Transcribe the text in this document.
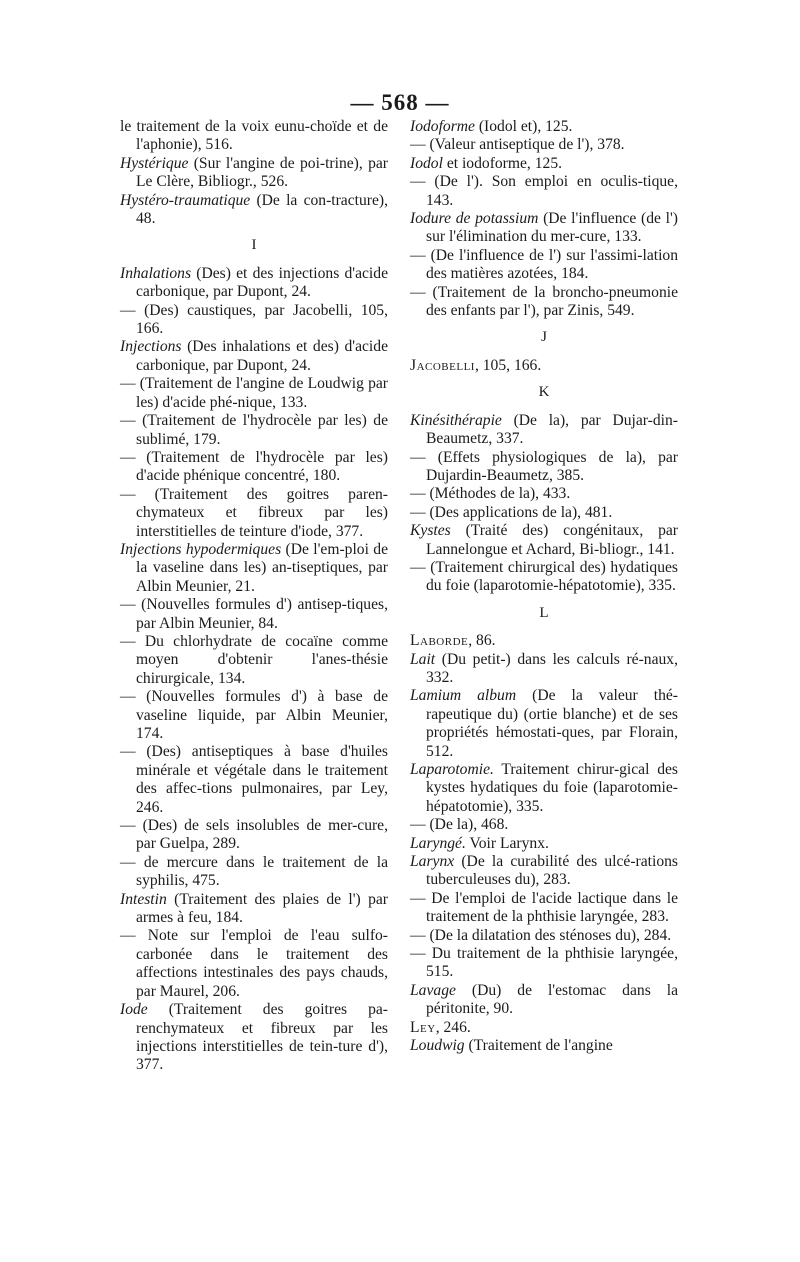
— 568 —

le traitement de la voix eunu-choïde et de l'aphonie), 516.

Hystérique (Sur l'angine de poi-trine), par Le Clère, Bibliogr., 526.

Hystéro-traumatique (De la con-tracture), 48.

I

Inhalations (Des) et des injections d'acide carbonique, par Dupont, 24.

— (Des) caustiques, par Jacobelli, 105, 166.

Injections (Des inhalations et des) d'acide carbonique, par Dupont, 24.

— (Traitement de l'angine de Loudwig par les) d'acide phé-nique, 133.

— (Traitement de l'hydrocèle par les) de sublimé, 179.

— (Traitement de l'hydrocèle par les) d'acide phénique concentré, 180.

— (Traitement des goitres paren-chymateux et fibreux par les) interstitielles de teinture d'iode, 377.

Injections hypodermiques (De l'em-ploi de la vaseline dans les) an-tiseptiques, par Albin Meunier, 21.

— (Nouvelles formules d') antisep-tiques, par Albin Meunier, 84.

— Du chlorhydrate de cocaïne comme moyen d'obtenir l'anes-thésie chirurgicale, 134.

— (Nouvelles formules d') à base de vaseline liquide, par Albin Meunier, 174.

— (Des) antiseptiques à base d'huiles minérale et végétale dans le traitement des affec-tions pulmonaires, par Ley, 246.

— (Des) de sels insolubles de mer-cure, par Guelpa, 289.

— de mercure dans le traitement de la syphilis, 475.

Intestin (Traitement des plaies de l') par armes à feu, 184.

— Note sur l'emploi de l'eau sulfo-carbonée dans le traitement des affections intestinales des pays chauds, par Maurel, 206.

Iode (Traitement des goitres pa-renchymateux et fibreux par les injections interstitielles de tein-ture d'), 377.

Iodoforme (Iodol et), 125.

— (Valeur antiseptique de l'), 378.

Iodol et iodoforme, 125.

— (De l'). Son emploi en oculis-tique, 143.

Iodure de potassium (De l'influence (de l') sur l'élimination du mer-cure, 133.

— (De l'influence de l') sur l'assimi-lation des matières azotées, 184.

— (Traitement de la broncho-pneumonie des enfants par l'), par Zinis, 549.

J

Jacobelli, 105, 166.

K

Kinésithérapie (De la), par Dujar-din-Beaumetz, 337.

— (Effets physiologiques de la), par Dujardin-Beaumetz, 385.

— (Méthodes de la), 433.

— (Des applications de la), 481.

Kystes (Traité des) congénitaux, par Lannelongue et Achard, Bi-bliogr., 141.

— (Traitement chirurgical des) hydatiques du foie (laparotomie-hépatotomie), 335.

L

Laborde, 86.

Lait (Du petit-) dans les calculs ré-naux, 332.

Lamium album (De la valeur thé-rapeutique du) (ortie blanche) et de ses propriétés hémostati-ques, par Florain, 512.

Laparotomie. Traitement chirur-gical des kystes hydatiques du foie (laparotomie-hépatotomie), 335.

— (De la), 468.

Laryngé. Voir Larynx.

Larynx (De la curabilité des ulcé-rations tuberculeuses du), 283.

— De l'emploi de l'acide lactique dans le traitement de la phthisie laryngée, 283.

— (De la dilatation des sténoses du), 284.

— Du traitement de la phthisie laryngée, 515.

Lavage (Du) de l'estomac dans la péritonite, 90.

Ley, 246.

Loudwig (Traitement de l'angine
